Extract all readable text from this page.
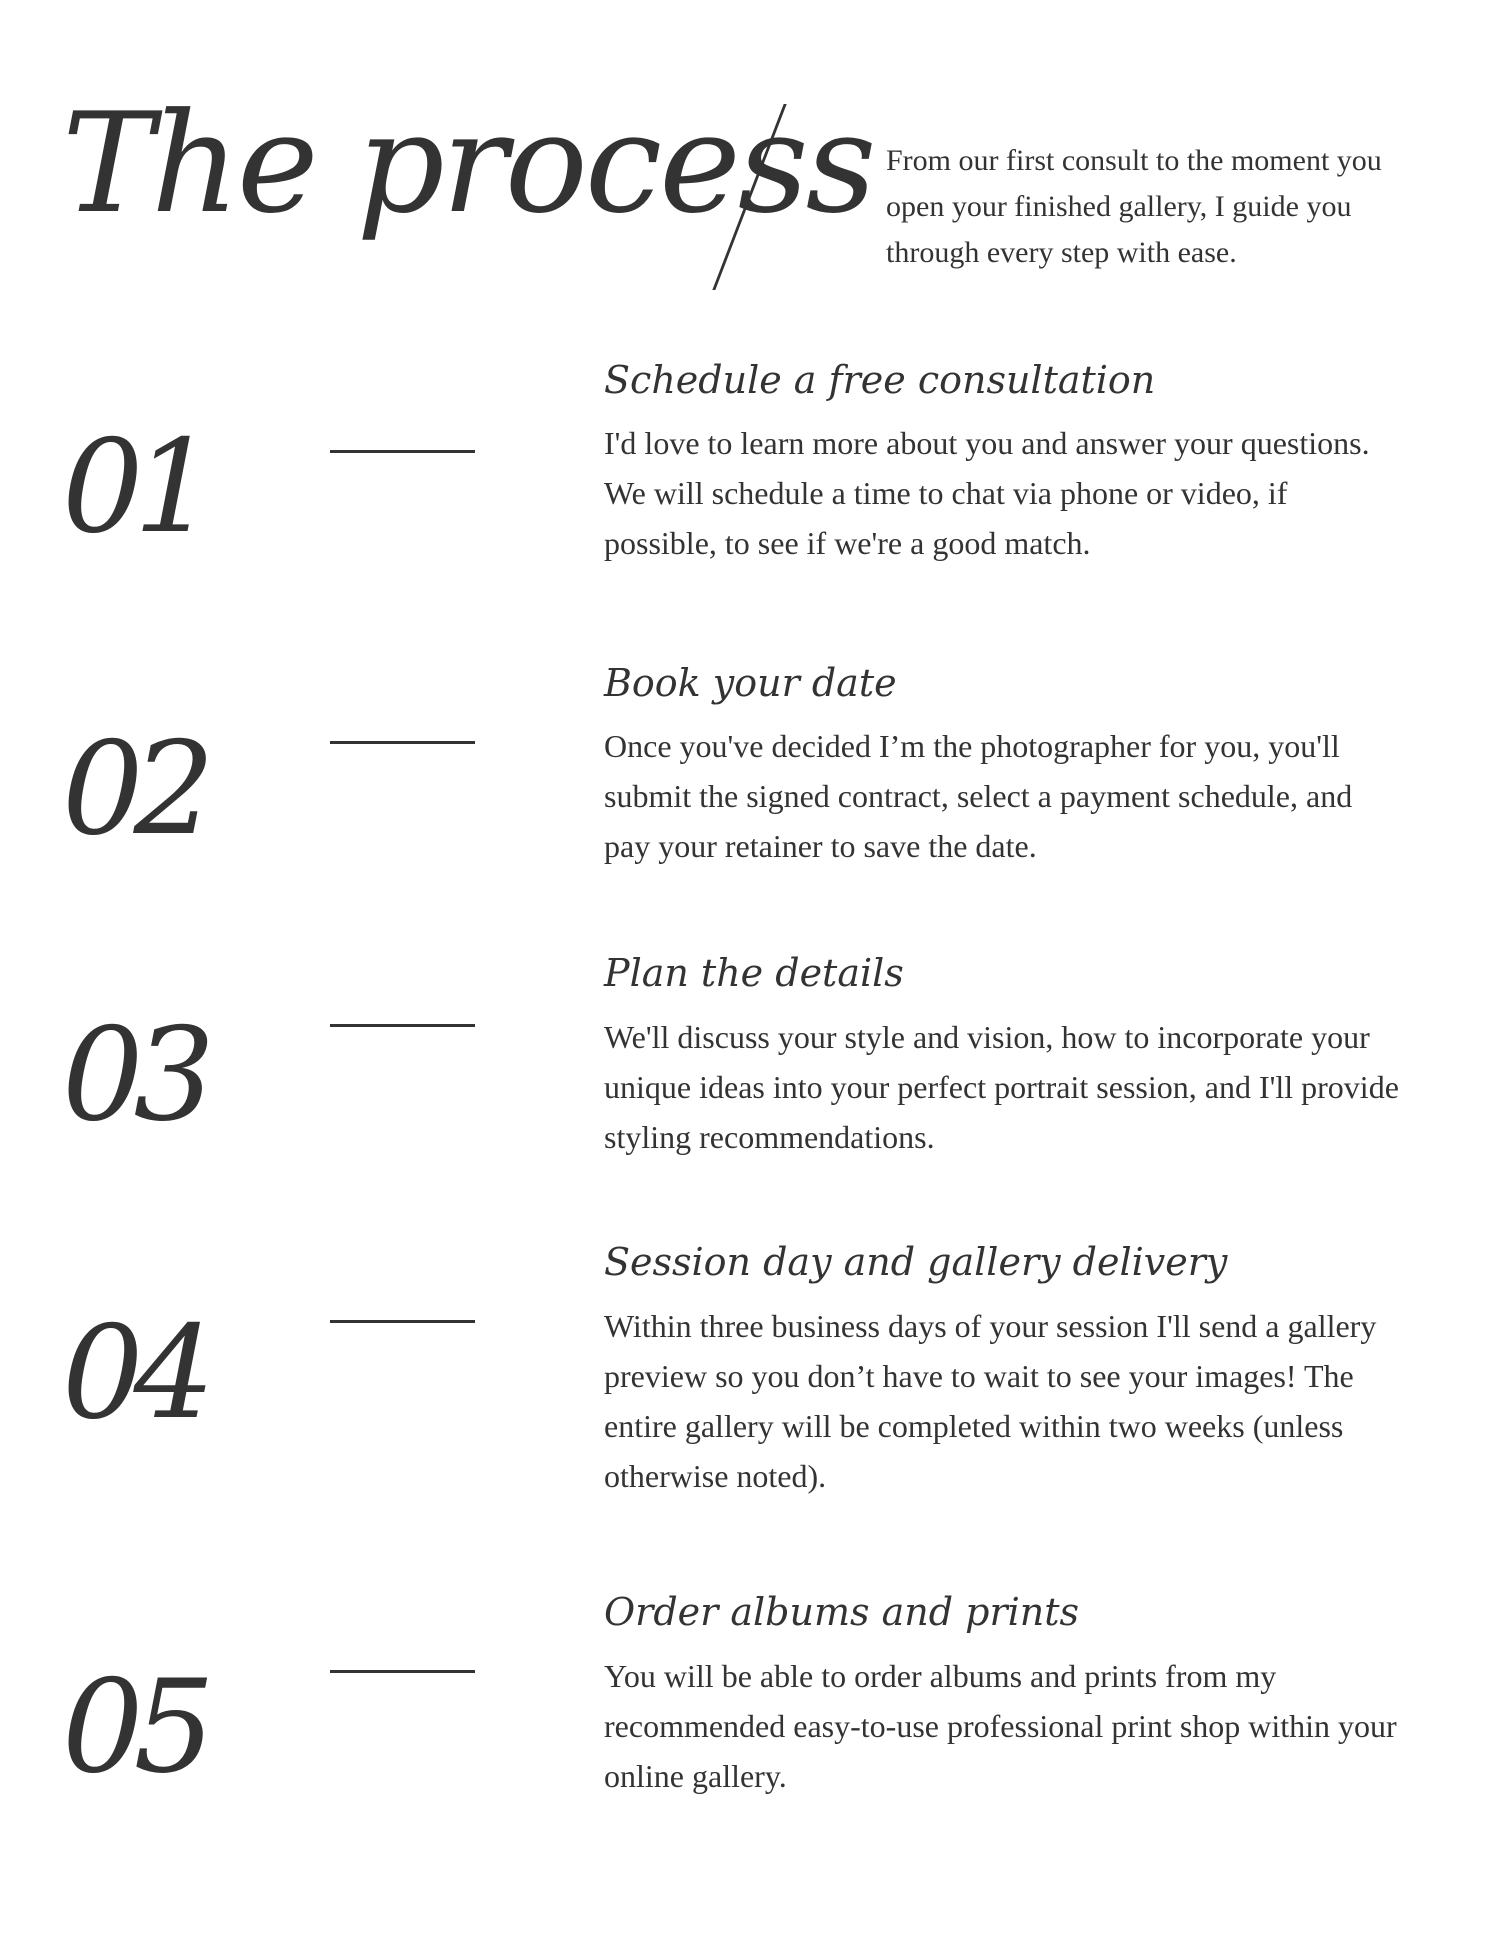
The process From our first consult to the moment you open your finished gallery, I guide you through every step with ease.

01
Schedule a free consultation

I'd love to learn more about you and answer your questions. We will schedule a time to chat via phone or video, if possible, to see if we're a good match.

02
Book your date

Once you've decided I’m the photographer for you, you'll submit the signed contract, select a payment schedule, and pay your retainer to save the date.

03
Plan the details

We'll discuss your style and vision, how to incorporate your unique ideas into your perfect portrait session, and I'll provide styling recommendations.

04
Session day and gallery delivery

Within three business days of your session I'll send a gallery preview so you don’t have to wait to see your images! The entire gallery will be completed within two weeks (unless otherwise noted).

05
Order albums and prints

You will be able to order albums and prints from my recommended easy-to-use professional print shop within your online gallery.
